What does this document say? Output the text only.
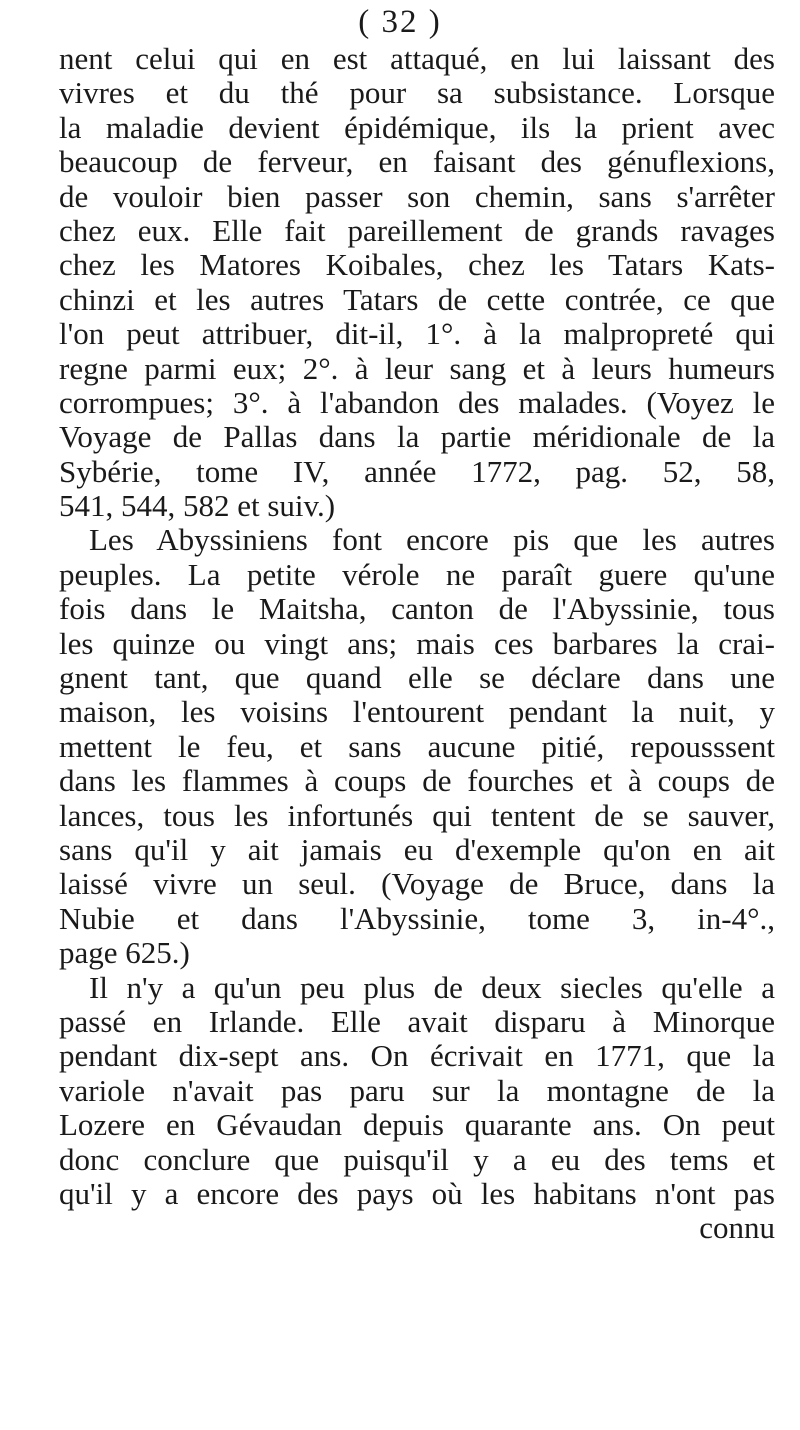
( 32 )
nent celui qui en est attaqué, en lui laissant des
vivres et du thé pour sa subsistance. Lorsque
la maladie devient épidémique, ils la prient avec
beaucoup de ferveur, en faisant des génuflexions,
de vouloir bien passer son chemin, sans s'arrêter
chez eux. Elle fait pareillement de grands ravages
chez les Matores Koibales, chez les Tatars Kats-
chinzi et les autres Tatars de cette contrée, ce que
l'on peut attribuer, dit-il, 1°. à la malpropreté qui
regne parmi eux; 2°. à leur sang et à leurs humeurs
corrompues; 3°. à l'abandon des malades. (Voyez le
Voyage de Pallas dans la partie méridionale de la
Sybérie, tome IV, année 1772, pag. 52, 58,
541, 544, 582 et suiv.)
Les Abyssiniens font encore pis que les autres
peuples. La petite vérole ne paraît guere qu'une
fois dans le Maitsha, canton de l'Abyssinie, tous
les quinze ou vingt ans; mais ces barbares la crai-
gnent tant, que quand elle se déclare dans une
maison, les voisins l'entourent pendant la nuit, y
mettent le feu, et sans aucune pitié, repousssent
dans les flammes à coups de fourches et à coups de
lances, tous les infortunés qui tentent de se sauver,
sans qu'il y ait jamais eu d'exemple qu'on en ait
laissé vivre un seul. (Voyage de Bruce, dans la
Nubie et dans l'Abyssinie, tome 3, in-4°.,
page 625.)
Il n'y a qu'un peu plus de deux siecles qu'elle a
passé en Irlande. Elle avait disparu à Minorque
pendant dix-sept ans. On écrivait en 1771, que la
variole n'avait pas paru sur la montagne de la
Lozere en Gévaudan depuis quarante ans. On peut
donc conclure que puisqu'il y a eu des tems et
qu'il y a encore des pays où les habitans n'ont pas
connu
